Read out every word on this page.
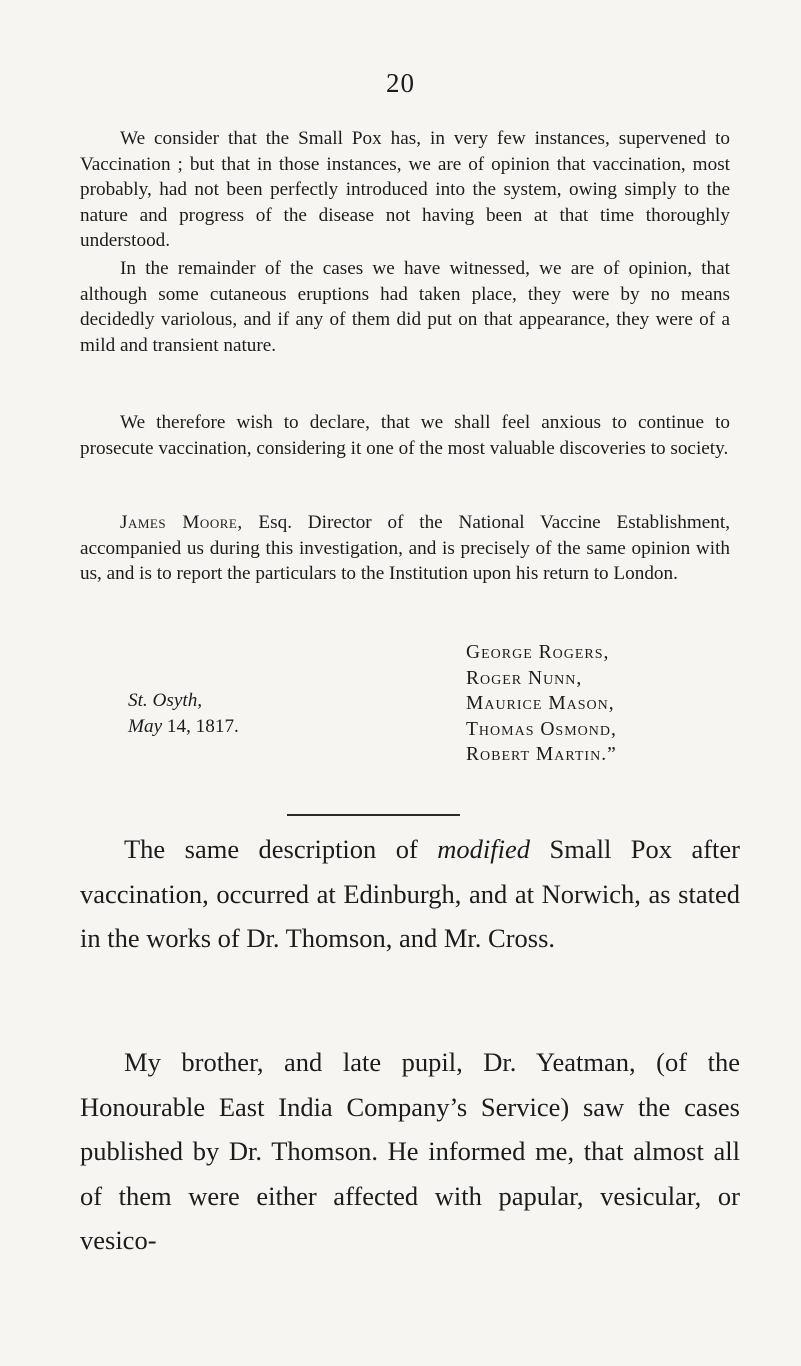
20

We consider that the Small Pox has, in very few instances, supervened to Vaccination ; but that in those instances, we are of opinion that vaccination, most probably, had not been perfectly introduced into the system, owing simply to the nature and progress of the disease not having been at that time thoroughly understood.

In the remainder of the cases we have witnessed, we are of opinion, that although some cutaneous eruptions had taken place, they were by no means decidedly variolous, and if any of them did put on that appearance, they were of a mild and transient nature.

We therefore wish to declare, that we shall feel anxious to continue to prosecute vaccination, considering it one of the most valuable discoveries to society.

James Moore, Esq. Director of the National Vaccine Establishment, accompanied us during this investigation, and is precisely of the same opinion with us, and is to report the particulars to the Institution upon his return to London.

St. Osyth,
May 14, 1817.
George Rogers,
Roger Nunn,
Maurice Mason,
Thomas Osmond,
Robert Martin.”

The same description of modified Small Pox after vaccination, occurred at Edinburgh, and at Norwich, as stated in the works of Dr. Thomson, and Mr. Cross.

My brother, and late pupil, Dr. Yeatman, (of the Honourable East India Company’s Service) saw the cases published by Dr. Thomson. He informed me, that almost all of them were either affected with papular, vesicular, or vesico-
